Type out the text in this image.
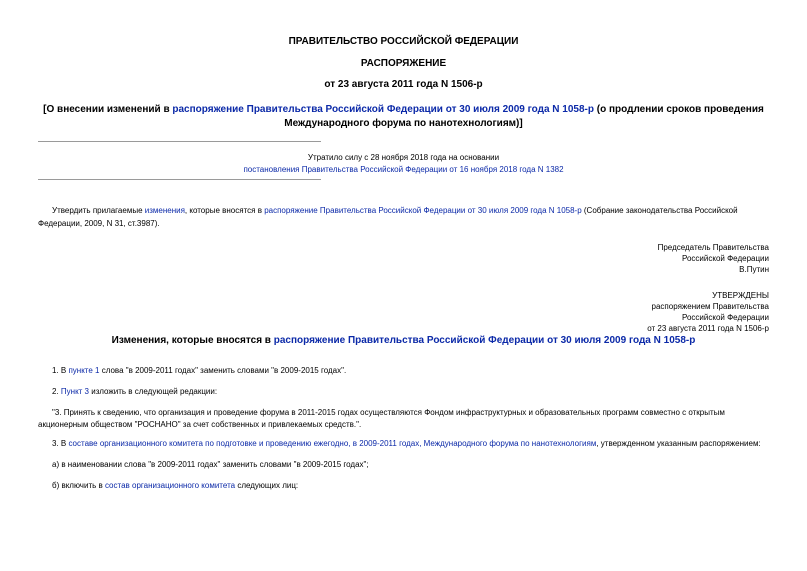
ПРАВИТЕЛЬСТВО РОССИЙСКОЙ ФЕДЕРАЦИИ
РАСПОРЯЖЕНИЕ
от 23 августа 2011 года N 1506-р
[О внесении изменений в распоряжение Правительства Российской Федерации от 30 июля 2009 года N 1058-р (о продлении сроков проведения Международного форума по нанотехнологиям)]
Утратило силу с 28 ноября 2018 года на основании
постановления Правительства Российской Федерации от 16 ноября 2018 года N 1382
Утвердить прилагаемые изменения, которые вносятся в распоряжение Правительства Российской Федерации от 30 июля 2009 года N 1058-р (Собрание законодательства Российской Федерации, 2009, N 31, ст.3987).
Председатель Правительства
Российской Федерации
В.Путин
УТВЕРЖДЕНЫ
распоряжением Правительства
Российской Федерации
от 23 августа 2011 года N 1506-р
Изменения, которые вносятся в распоряжение Правительства Российской Федерации от 30 июля 2009 года N 1058-р
1. В пункте 1 слова "в 2009-2011 годах" заменить словами "в 2009-2015 годах".
2. Пункт 3 изложить в следующей редакции:
"3. Принять к сведению, что организация и проведение форума в 2011-2015 годах осуществляются Фондом инфраструктурных и образовательных программ совместно с открытым акционерным обществом "РОСНАНО" за счет собственных и привлекаемых средств.".
3. В составе организационного комитета по подготовке и проведению ежегодно, в 2009-2011 годах, Международного форума по нанотехнологиям, утвержденном указанным распоряжением:
а) в наименовании слова "в 2009-2011 годах" заменить словами "в 2009-2015 годах";
б) включить в состав организационного комитета следующих лиц:
